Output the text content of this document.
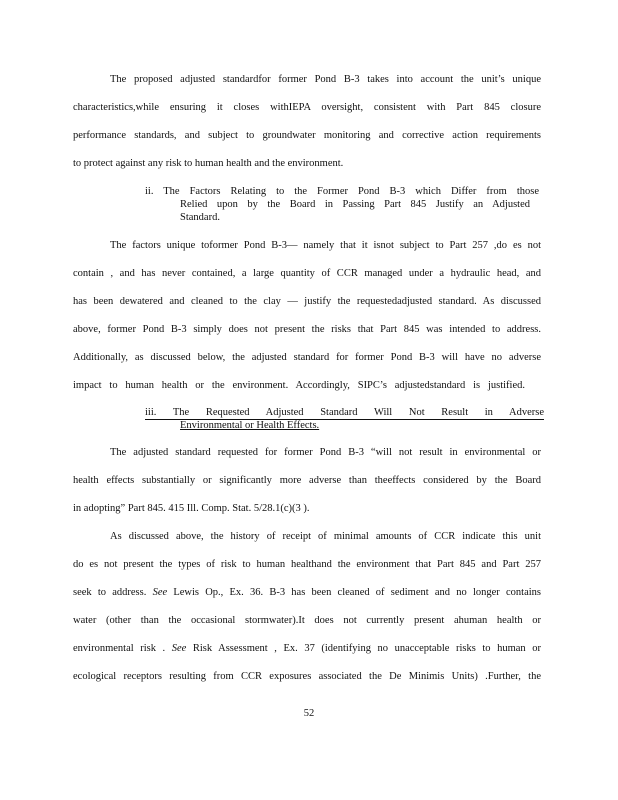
The proposed adjusted standardfor former Pond B-3 takes into account the unit’s unique
characteristics,while ensuring it closes withIEPA oversight, consistent with Part 845 closure
performance standards, and subject to groundwater monitoring and corrective action requirements
to protect against any risk to human health and the environment.
ii. The Factors Relating to the Former Pond B-3 which Differ from those
Relied upon by the Board in Passing Part 845 Justify an Adjusted
Standard.
The factors unique toformer Pond B-3— namely that it isnot subject to Part 257 ,do es not
contain , and has never contained, a large quantity of CCR managed under a hydraulic head, and
has been dewatered and cleaned to the clay — justify the requestedadjusted standard. As discussed
above, former Pond B-3 simply does not present the risks that Part 845 was intended to address.
Additionally, as discussed below, the adjusted standard for former Pond B-3 will have no adverse
impact to human health or the environment. Accordingly, SIPC’s adjustedstandard is justified.
iii. The Requested Adjusted Standard Will Not Result in Adverse
Environmental or Health Effects.
The adjusted standard requested for former Pond B-3 “will not result in environmental or
health effects substantially or significantly more adverse than theeffects considered by the Board
in adopting” Part 845. 415 Ill. Comp. Stat. 5/28.1(c)(3 ).
As discussed above, the history of receipt of minimal amounts of CCR indicate this unit
do es not present the types of risk to human healthand the environment that Part 845 and Part 257
seek to address. See Lewis Op., Ex. 36. B-3 has been cleaned of sediment and no longer contains
water (other than the occasional stormwater).It does not currently present ahuman health or
environmental risk . See Risk Assessment , Ex. 37 (identifying no unacceptable risks to human or
ecological receptors resulting from CCR exposures associated the De Minimis Units) .Further, the
52
